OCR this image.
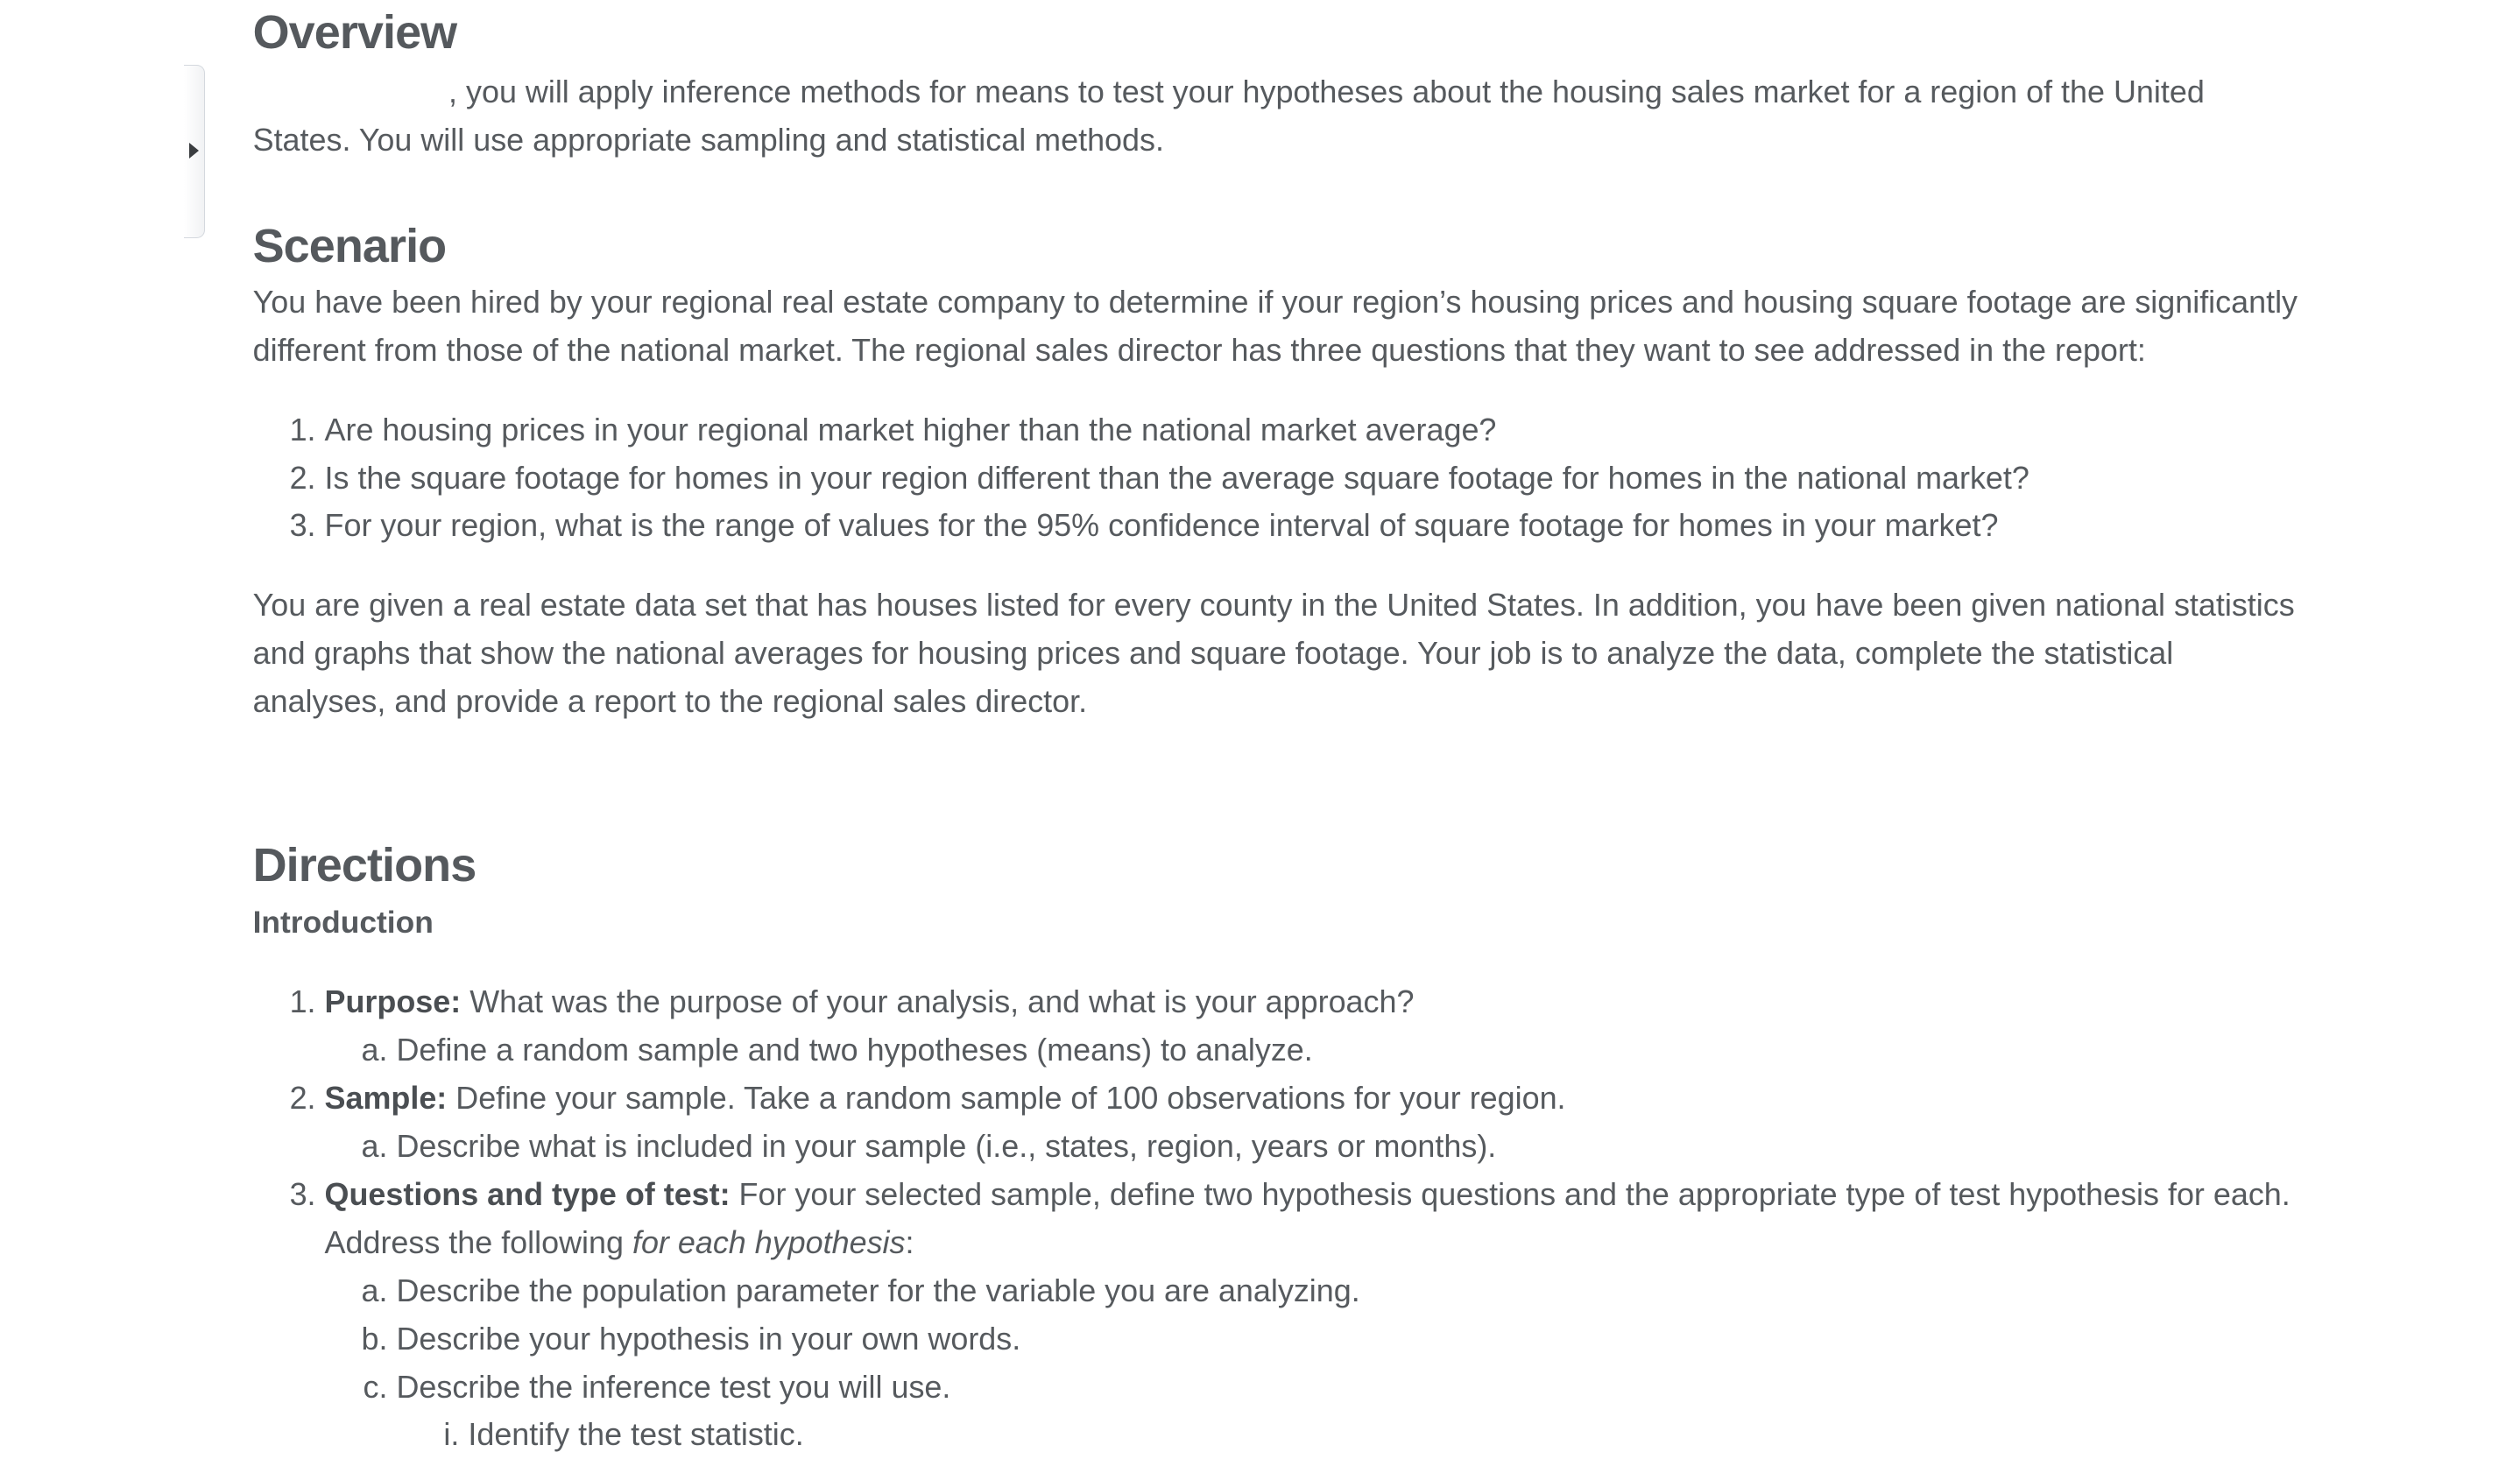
Overview

, you will apply inference methods for means to test your hypotheses about the housing sales market for a region of the United States. You will use appropriate sampling and statistical methods.

Scenario

You have been hired by your regional real estate company to determine if your region’s housing prices and housing square footage are significantly different from those of the national market. The regional sales director has three questions that they want to see addressed in the report:

1. Are housing prices in your regional market higher than the national market average?
2. Is the square footage for homes in your region different than the average square footage for homes in the national market?
3. For your region, what is the range of values for the 95% confidence interval of square footage for homes in your market?

You are given a real estate data set that has houses listed for every county in the United States. In addition, you have been given national statistics and graphs that show the national averages for housing prices and square footage. Your job is to analyze the data, complete the statistical analyses, and provide a report to the regional sales director.

Directions
Introduction
1. Purpose: What was the purpose of your analysis, and what is your approach?
a. Define a random sample and two hypotheses (means) to analyze.
2. Sample: Define your sample. Take a random sample of 100 observations for your region.
a. Describe what is included in your sample (i.e., states, region, years or months).
3. Questions and type of test: For your selected sample, define two hypothesis questions and the appropriate type of test hypothesis for each. Address the following for each hypothesis:
a. Describe the population parameter for the variable you are analyzing.
b. Describe your hypothesis in your own words.
c. Describe the inference test you will use.
i. Identify the test statistic.
